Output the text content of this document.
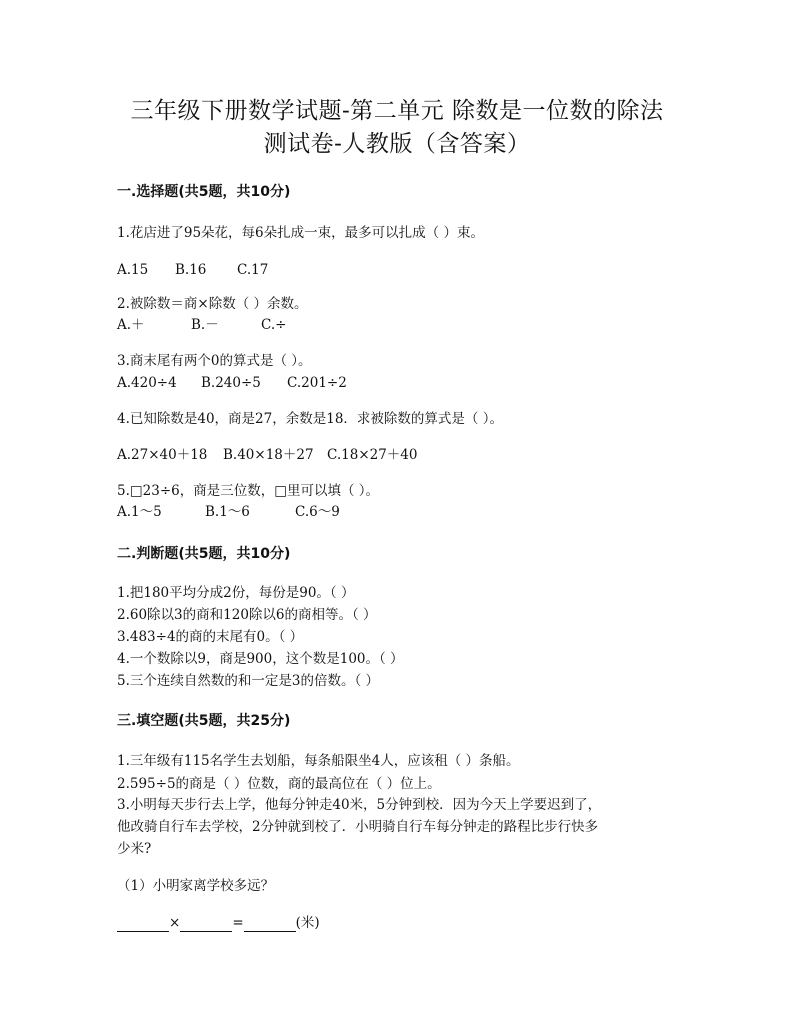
三年级下册数学试题-第二单元 除数是一位数的除法
测试卷-人教版（含答案）
一.选择题(共5题，共10分)
1.花店进了95朵花，每6朵扎成一束，最多可以扎成（ ）束。
A.15 B.16 C.17
2.被除数＝商×除数（ ）余数。
A.＋	B.－	C.÷
3.商末尾有两个0的算式是（ ）。
A.420÷4 B.240÷5 C.201÷2
4.已知除数是40，商是27，余数是18．求被除数的算式是（ ）。
A.27×40＋18 B.40×18＋27 C.18×27＋40
5.□23÷6，商是三位数，□里可以填（ ）。
A.1～5	B.1～6	C.6～9
二.判断题(共5题，共10分)
1.把180平均分成2份，每份是90。（ ）
2.60除以3的商和120除以6的商相等。（ ）
3.483÷4的商的末尾有0。（ ）
4.一个数除以9，商是900，这个数是100。（ ）
5.三个连续自然数的和一定是3的倍数。（ ）
三.填空题(共5题，共25分)
1.三年级有115名学生去划船，每条船限坐4人，应该租（ ）条船。
2.595÷5的商是（ ）位数，商的最高位在（ ）位上。
3.小明每天步行去上学，他每分钟走40米，5分钟到校．因为今天上学要迟到了，
他改骑自行车去学校，2分钟就到校了．小明骑自行车每分钟走的路程比步行快多
少米?
（1）小明家离学校多远？
×	=	(米)
